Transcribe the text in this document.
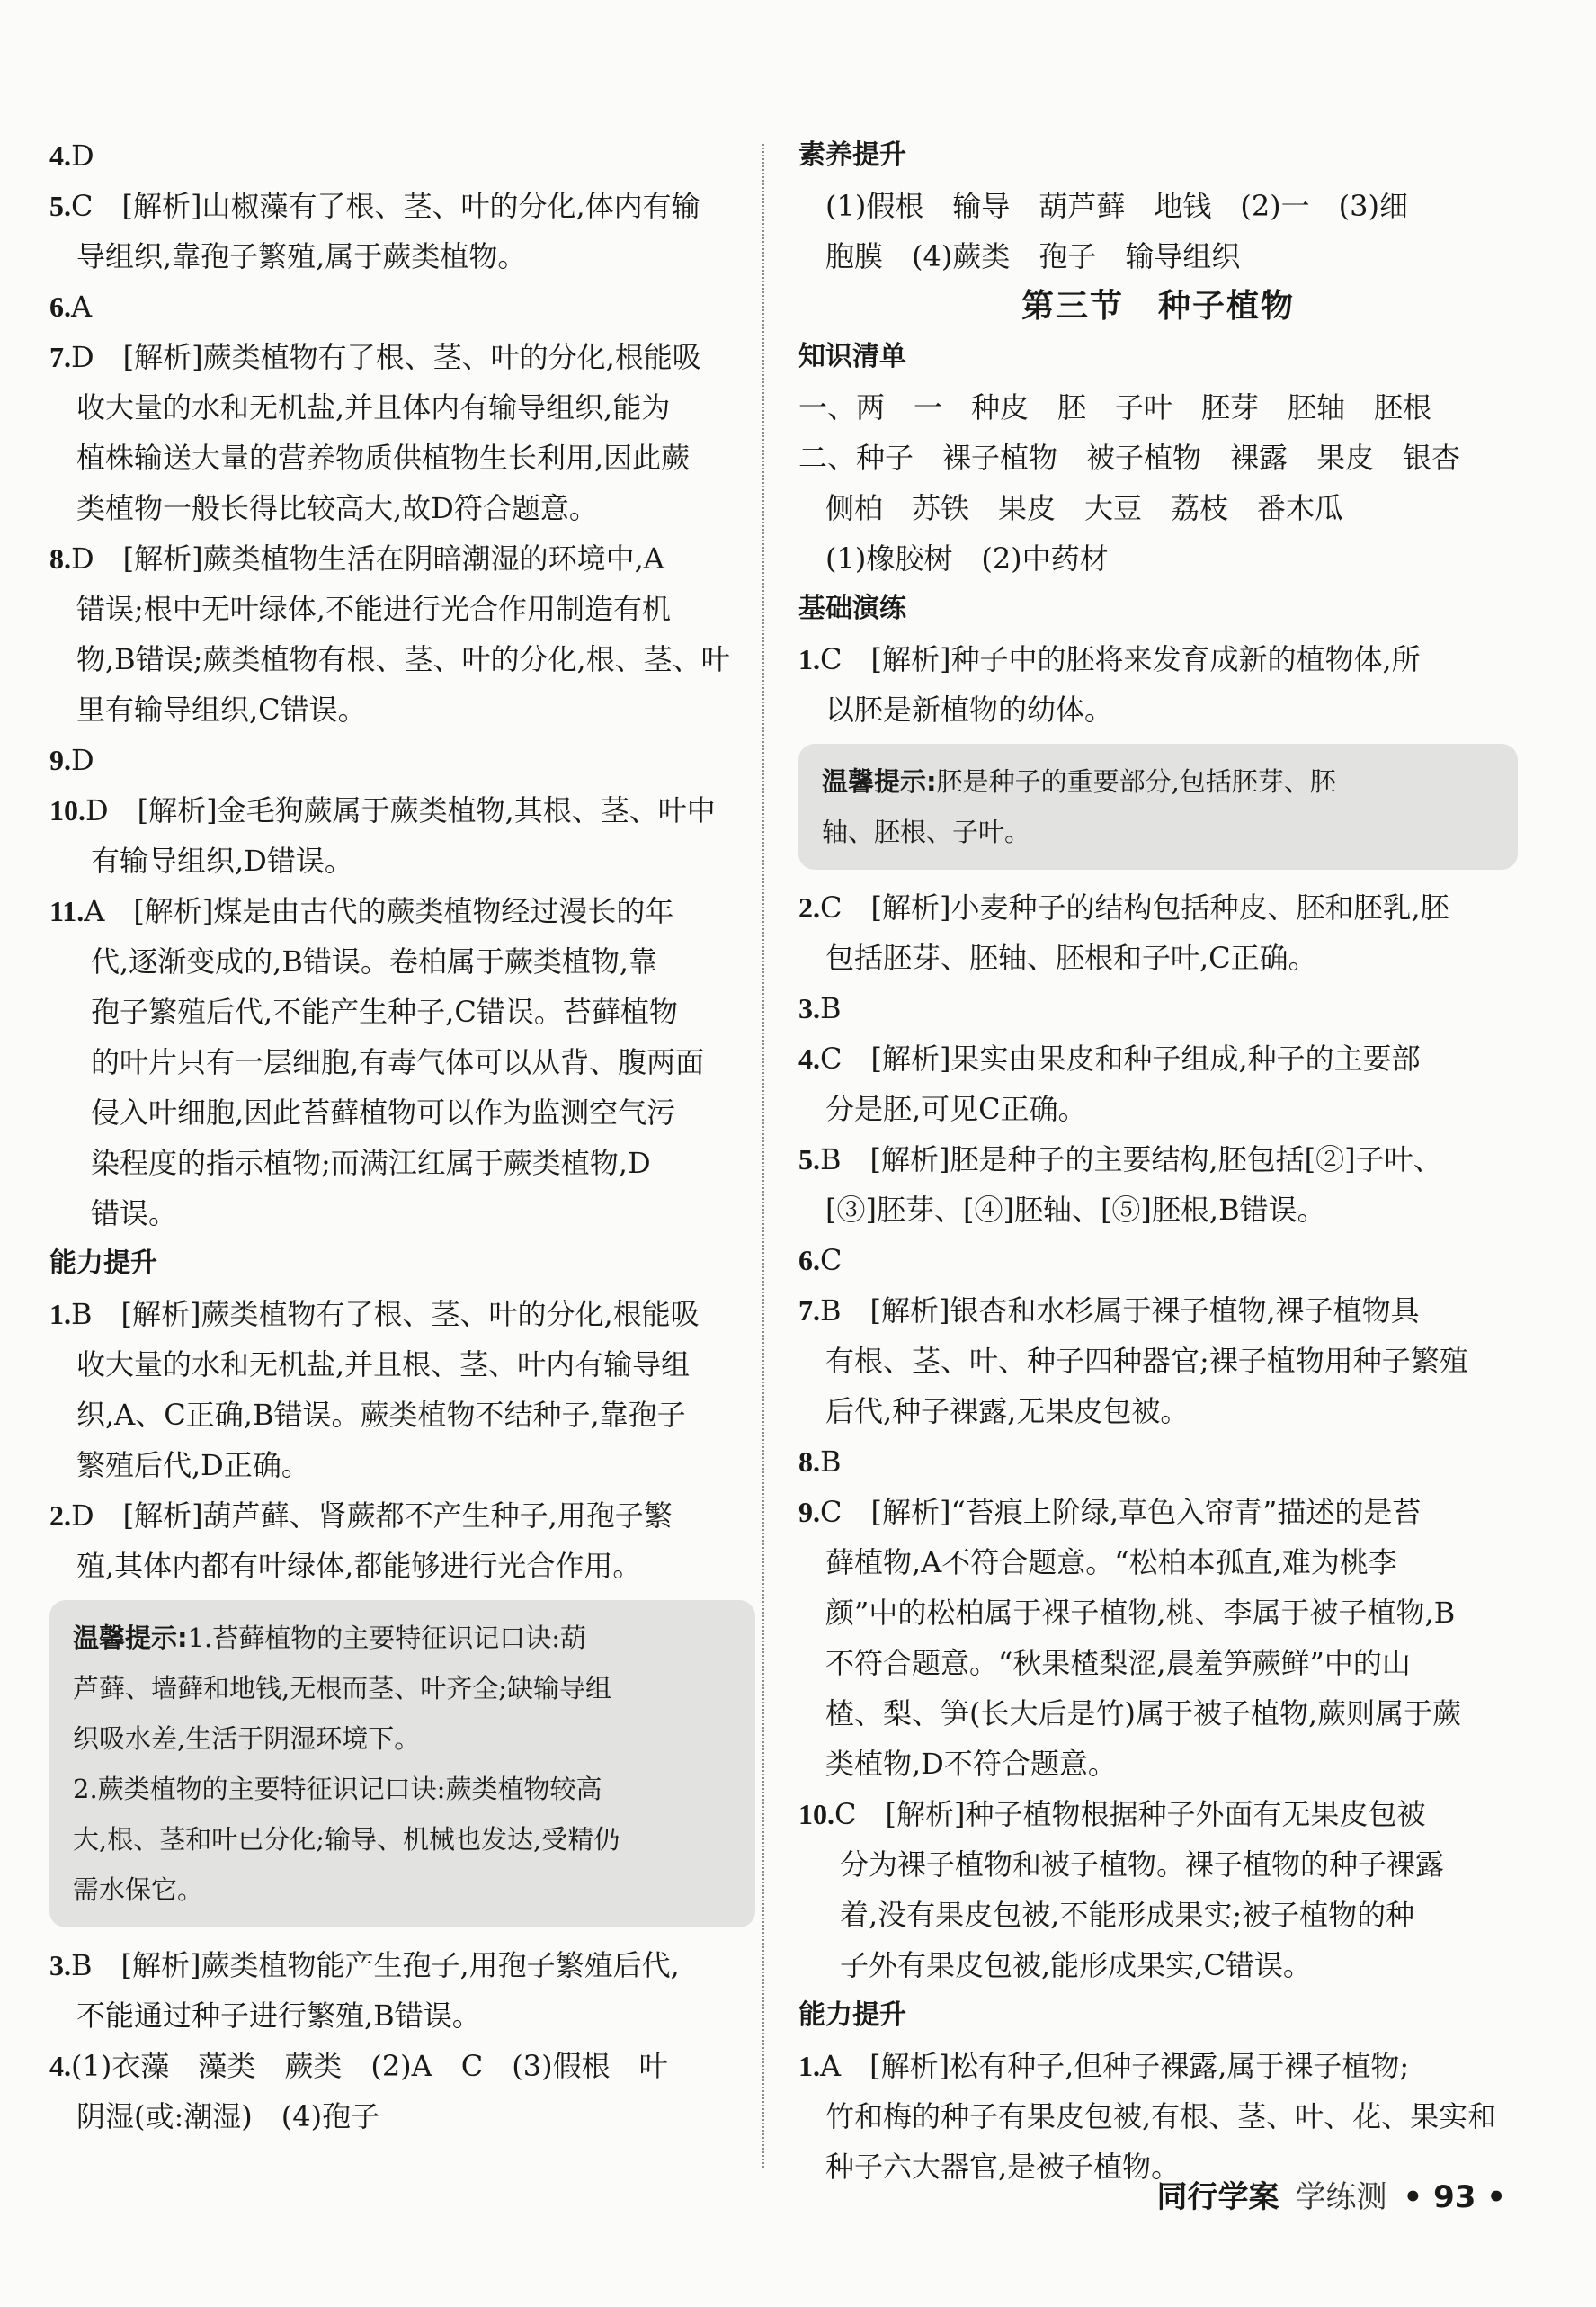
4.D

5.C　[解析]山椒藻有了根、茎、叶的分化,体内有输

导组织,靠孢子繁殖,属于蕨类植物。

6.A

7.D　[解析]蕨类植物有了根、茎、叶的分化,根能吸

收大量的水和无机盐,并且体内有输导组织,能为

植株输送大量的营养物质供植物生长利用,因此蕨

类植物一般长得比较高大,故D符合题意。

8.D　[解析]蕨类植物生活在阴暗潮湿的环境中,A

错误;根中无叶绿体,不能进行光合作用制造有机

物,B错误;蕨类植物有根、茎、叶的分化,根、茎、叶

里有输导组织,C错误。

9.D

10.D　[解析]金毛狗蕨属于蕨类植物,其根、茎、叶中

有输导组织,D错误。

11.A　[解析]煤是由古代的蕨类植物经过漫长的年

代,逐渐变成的,B错误。卷柏属于蕨类植物,靠

孢子繁殖后代,不能产生种子,C错误。苔藓植物

的叶片只有一层细胞,有毒气体可以从背、腹两面

侵入叶细胞,因此苔藓植物可以作为监测空气污

染程度的指示植物;而满江红属于蕨类植物,D

错误。

能力提升

1.B　[解析]蕨类植物有了根、茎、叶的分化,根能吸

收大量的水和无机盐,并且根、茎、叶内有输导组

织,A、C正确,B错误。蕨类植物不结种子,靠孢子

繁殖后代,D正确。

2.D　[解析]葫芦藓、肾蕨都不产生种子,用孢子繁

殖,其体内都有叶绿体,都能够进行光合作用。

温馨提示:1.苔藓植物的主要特征识记口诀:葫

芦藓、墙藓和地钱,无根而茎、叶齐全;缺输导组

织吸水差,生活于阴湿环境下。

2.蕨类植物的主要特征识记口诀:蕨类植物较高

大,根、茎和叶已分化;输导、机械也发达,受精仍

需水保它。

3.B　[解析]蕨类植物能产生孢子,用孢子繁殖后代,

不能通过种子进行繁殖,B错误。

4.(1)衣藻　藻类　蕨类　(2)A　C　(3)假根　叶

阴湿(或:潮湿)　(4)孢子

素养提升

(1)假根　输导　葫芦藓　地钱　(2)一　(3)细

胞膜　(4)蕨类　孢子　输导组织

第三节　种子植物

知识清单

一、两　一　种皮　胚　子叶　胚芽　胚轴　胚根

二、种子　裸子植物　被子植物　裸露　果皮　银杏

侧柏　苏铁　果皮　大豆　荔枝　番木瓜

(1)橡胶树　(2)中药材

基础演练

1.C　[解析]种子中的胚将来发育成新的植物体,所

以胚是新植物的幼体。

温馨提示:胚是种子的重要部分,包括胚芽、胚

轴、胚根、子叶。

2.C　[解析]小麦种子的结构包括种皮、胚和胚乳,胚

包括胚芽、胚轴、胚根和子叶,C正确。

3.B

4.C　[解析]果实由果皮和种子组成,种子的主要部

分是胚,可见C正确。

5.B　[解析]胚是种子的主要结构,胚包括[②]子叶、

[③]胚芽、[④]胚轴、[⑤]胚根,B错误。

6.C

7.B　[解析]银杏和水杉属于裸子植物,裸子植物具

有根、茎、叶、种子四种器官;裸子植物用种子繁殖

后代,种子裸露,无果皮包被。

8.B

9.C　[解析]“苔痕上阶绿,草色入帘青”描述的是苔

藓植物,A不符合题意。“松柏本孤直,难为桃李

颜”中的松柏属于裸子植物,桃、李属于被子植物,B

不符合题意。“秋果楂梨涩,晨羞笋蕨鲜”中的山

楂、梨、笋(长大后是竹)属于被子植物,蕨则属于蕨

类植物,D不符合题意。

10.C　[解析]种子植物根据种子外面有无果皮包被

分为裸子植物和被子植物。裸子植物的种子裸露

着,没有果皮包被,不能形成果实;被子植物的种

子外有果皮包被,能形成果实,C错误。

能力提升

1.A　[解析]松有种子,但种子裸露,属于裸子植物;

竹和梅的种子有果皮包被,有根、茎、叶、花、果实和

种子六大器官,是被子植物。

同行学案 学练测 • 93 •
